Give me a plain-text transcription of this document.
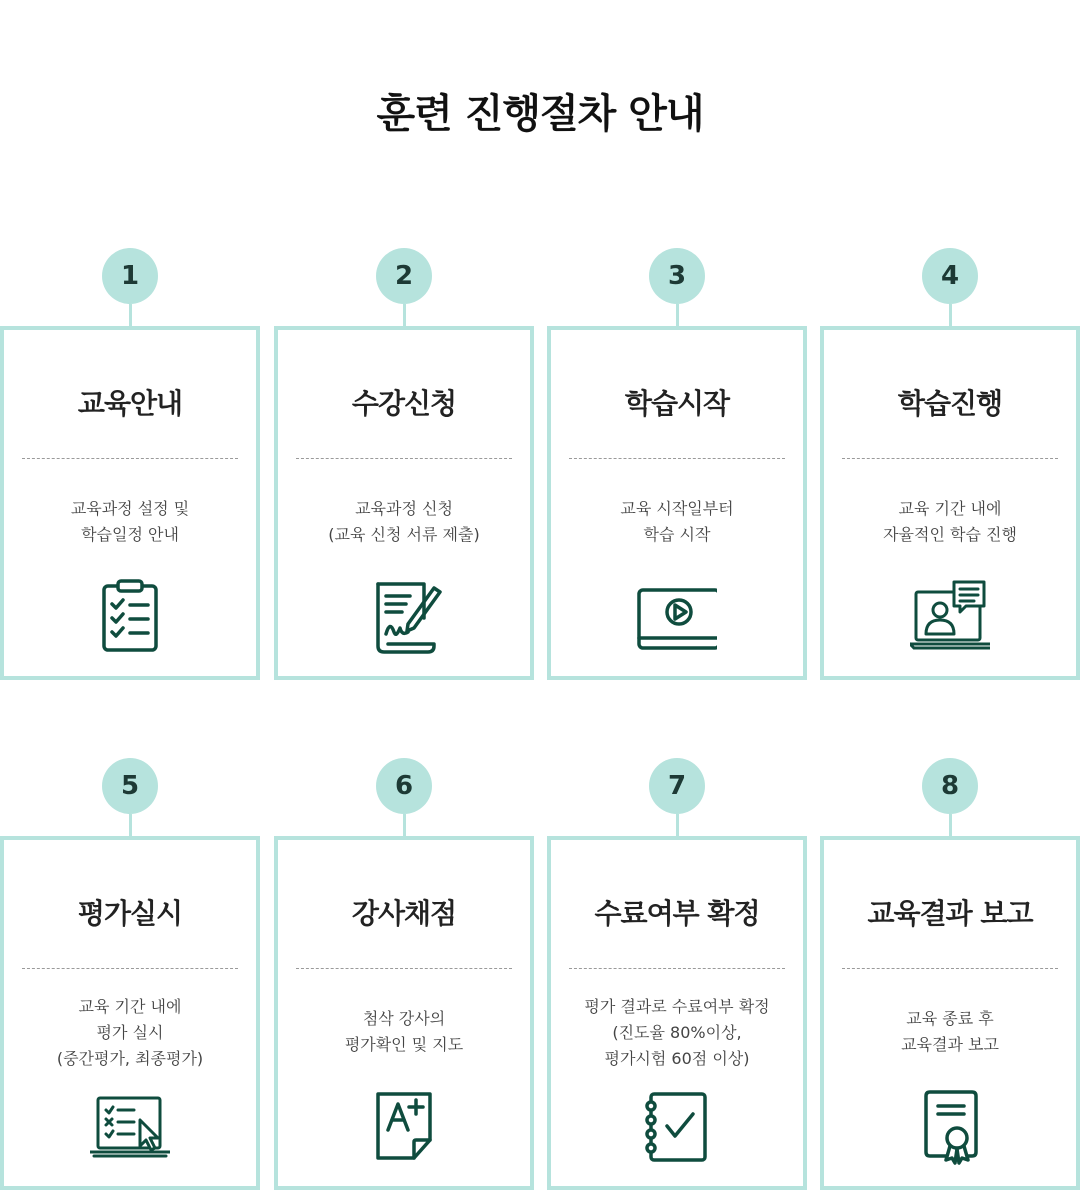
훈련 진행절차 안내
1
교육안내
교육과정 설정 및
학습일정 안내
2
수강신청
교육과정 신청
(교육 신청 서류 제출)
3
학습시작
교육 시작일부터
학습 시작
4
학습진행
교육 기간 내에
자율적인 학습 진행
5
평가실시
교육 기간 내에
평가 실시
(중간평가, 최종평가)
6
강사채점
첨삭 강사의
평가확인 및 지도
7
수료여부 확정
평가 결과로 수료여부 확정
(진도율 80%이상,
평가시험 60점 이상)
8
교육결과 보고
교육 종료 후
교육결과 보고
